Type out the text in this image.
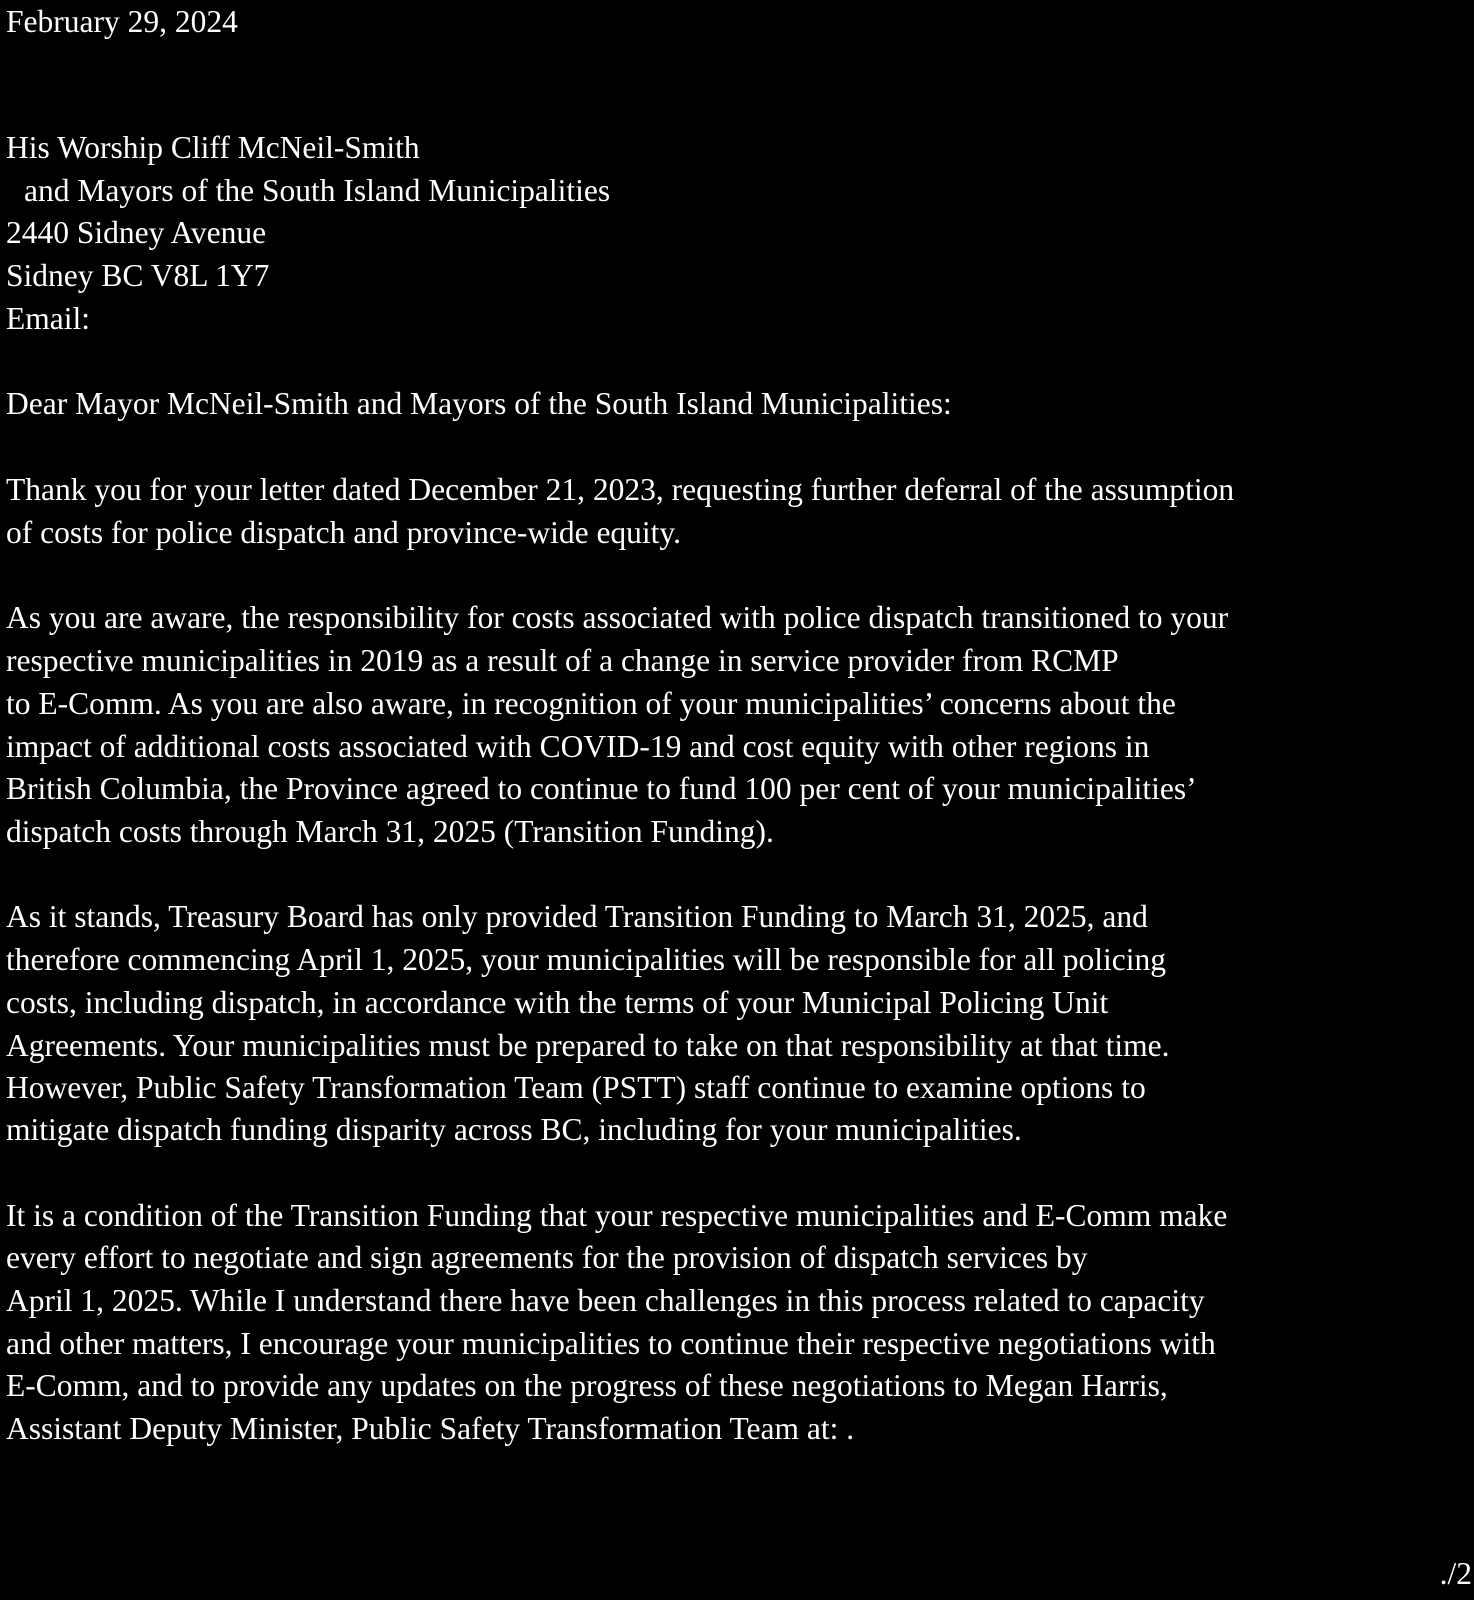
February 29, 2024
His Worship Cliff McNeil-Smith
and Mayors of the South Island Municipalities
2440 Sidney Avenue
Sidney BC V8L 1Y7
Email:
Dear Mayor McNeil-Smith and Mayors of the South Island Municipalities:
Thank you for your letter dated December 21, 2023, requesting further deferral of the assumption
of costs for police dispatch and province-wide equity.
As you are aware, the responsibility for costs associated with police dispatch transitioned to your
respective municipalities in 2019 as a result of a change in service provider from RCMP
to E-Comm. As you are also aware, in recognition of your municipalities’ concerns about the
impact of additional costs associated with COVID-19 and cost equity with other regions in
British Columbia, the Province agreed to continue to fund 100 per cent of your municipalities’
dispatch costs through March 31, 2025 (Transition Funding).
As it stands, Treasury Board has only provided Transition Funding to March 31, 2025, and
therefore commencing April 1, 2025, your municipalities will be responsible for all policing
costs, including dispatch, in accordance with the terms of your Municipal Policing Unit
Agreements. Your municipalities must be prepared to take on that responsibility at that time.
However, Public Safety Transformation Team (PSTT) staff continue to examine options to
mitigate dispatch funding disparity across BC, including for your municipalities.
It is a condition of the Transition Funding that your respective municipalities and E-Comm make
every effort to negotiate and sign agreements for the provision of dispatch services by
April 1, 2025. While I understand there have been challenges in this process related to capacity
and other matters, I encourage your municipalities to continue their respective negotiations with
E-Comm, and to provide any updates on the progress of these negotiations to Megan Harris,
Assistant Deputy Minister, Public Safety Transformation Team at: .
./2
